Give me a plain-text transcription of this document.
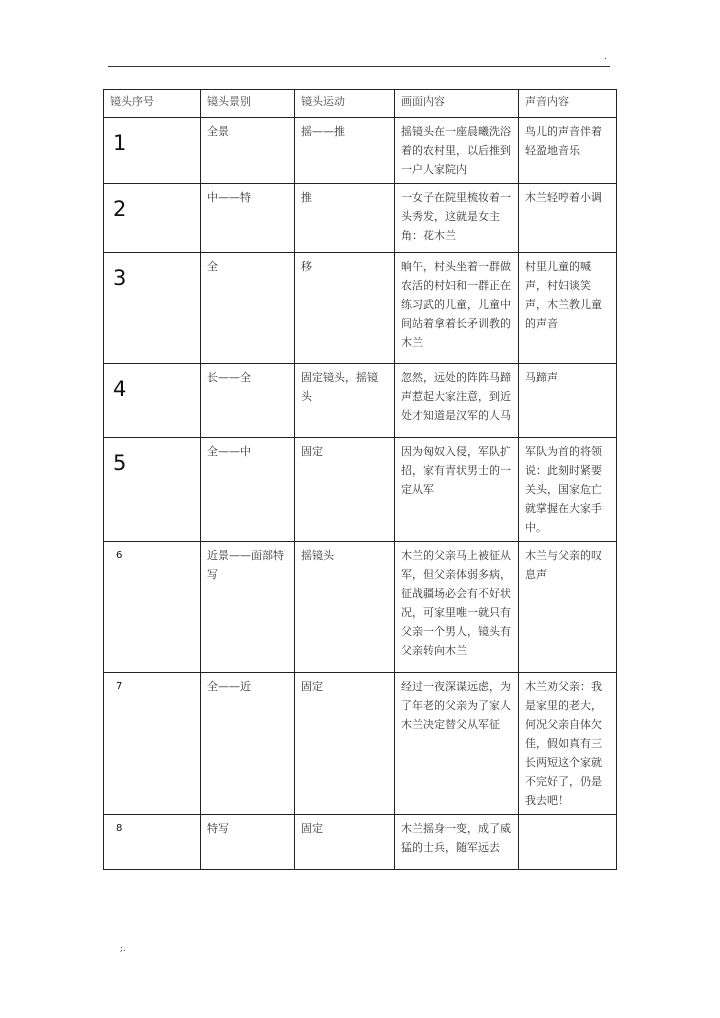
.
镜头序号	镜头景别	镜头运动	画面内容	声音内容

1	全景	摇——推	摇镜头在一座晨曦洗浴着的农村里，以后推到一户人家院内	鸟儿的声音伴着轻盈地音乐

2	中——特	推	一女子在院里梳妆着一头秀发，这就是女主角：花木兰	木兰轻哼着小调

3	全	移	晌午，村头坐着一群做农活的村妇和一群正在练习武的儿童，儿童中间站着拿着长矛训教的木兰	村里儿童的喊声，村妇谈笑声，木兰教儿童的声音

4	长——全	固定镜头，摇镜头	忽然，远处的阵阵马蹄声惹起大家注意，到近处才知道是汉军的人马	马蹄声

5	全——中	固定	因为匈奴入侵，军队扩招，家有青状男士的一定从军	军队为首的将领说：此刻时紧要关头，国家危亡就掌握在大家手中。

6	近景——面部特写	摇镜头	木兰的父亲马上被征从军，但父亲体弱多病，征战疆场必会有不好状况，可家里唯一就只有父亲一个男人，镜头有父亲转向木兰	木兰与父亲的叹息声

7	全——近	固定	经过一夜深谋远虑，为了年老的父亲为了家人木兰决定替父从军征	木兰劝父亲：我是家里的老大，何况父亲自体欠佳，假如真有三长两短这个家就不完好了，仍是我去吧！

8	特写	固定	木兰摇身一变，成了威猛的士兵，随军远去	
;.
